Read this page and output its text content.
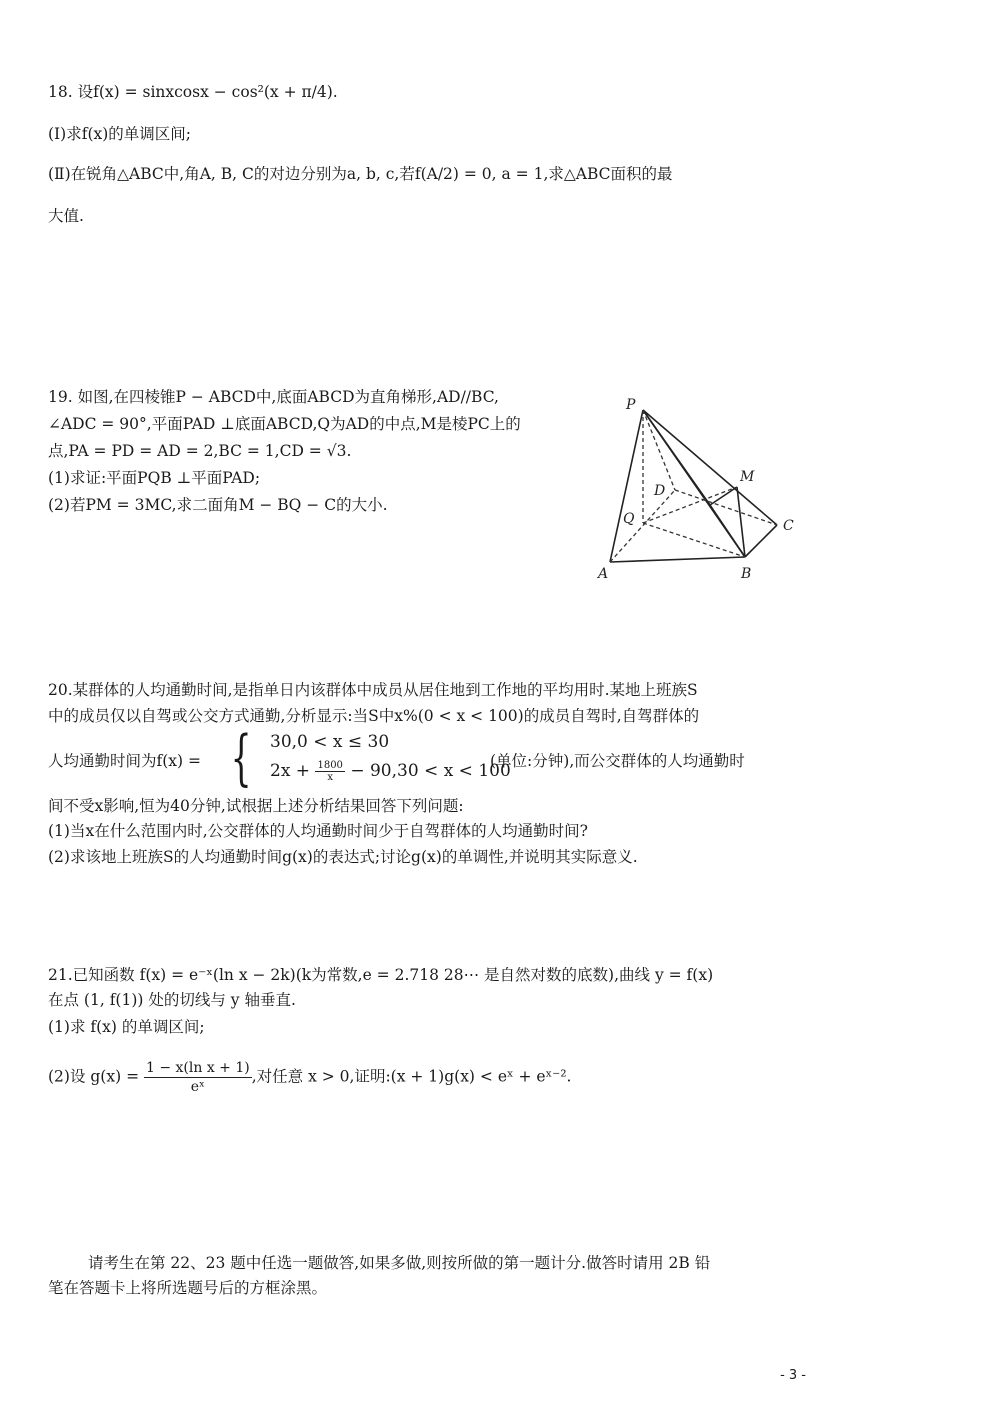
18. 设f(x) = sinxcosx − cos²(x + π/4).
(Ⅰ)求f(x)的单调区间;
(Ⅱ)在锐角△ABC中,角A, B, C的对边分别为a, b, c,若f(A/2) = 0, a = 1,求△ABC面积的最
大值.
19. 如图,在四棱锥P − ABCD中,底面ABCD为直角梯形,AD//BC,
∠ADC = 90°,平面PAD ⊥底面ABCD,Q为AD的中点,M是棱PC上的
点,PA = PD = AD = 2,BC = 1,CD = √3.
(1)求证:平面PQB ⊥平面PAD;
(2)若PM = 3MC,求二面角M − BQ − C的大小.
P
D
M
Q	C
A	B
20.某群体的人均通勤时间,是指单日内该群体中成员从居住地到工作地的平均用时.某地上班族S
中的成员仅以自驾或公交方式通勤,分析显示:当S中x%(0 < x < 100)的成员自驾时,自驾群体的
人均通勤时间为f(x) = { 30,0 < x ≤ 30
$2x + \frac{1800}{x} - 90,30 < x < 100$
(单位:分钟),而公交群体的人均通勤时
间不受x影响,恒为40分钟,试根据上述分析结果回答下列问题:
(1)当x在什么范围内时,公交群体的人均通勤时间少于自驾群体的人均通勤时间?
(2)求该地上班族S的人均通勤时间g(x)的表达式;讨论g(x)的单调性,并说明其实际意义.
21.已知函数 f(x) = e⁻ˣ(ln x − 2k)(k为常数,e = 2.718 28⋯ 是自然对数的底数),曲线 y = f(x)
在点 (1, f(1)) 处的切线与 y 轴垂直.
(1)求 f(x) 的单调区间;
(2)设 $g(x) = \frac{\text{1 − x(ln x + 1)}}{\text{eˣ}}$ ,对任意 x > 0,证明:(x + 1)g(x) < eˣ + eˣ⁻².
请考生在第 22、23 题中任选一题做答,如果多做,则按所做的第一题计分.做答时请用 2B 铅
笔在答题卡上将所选题号后的方框涂黑。
- 3 -
